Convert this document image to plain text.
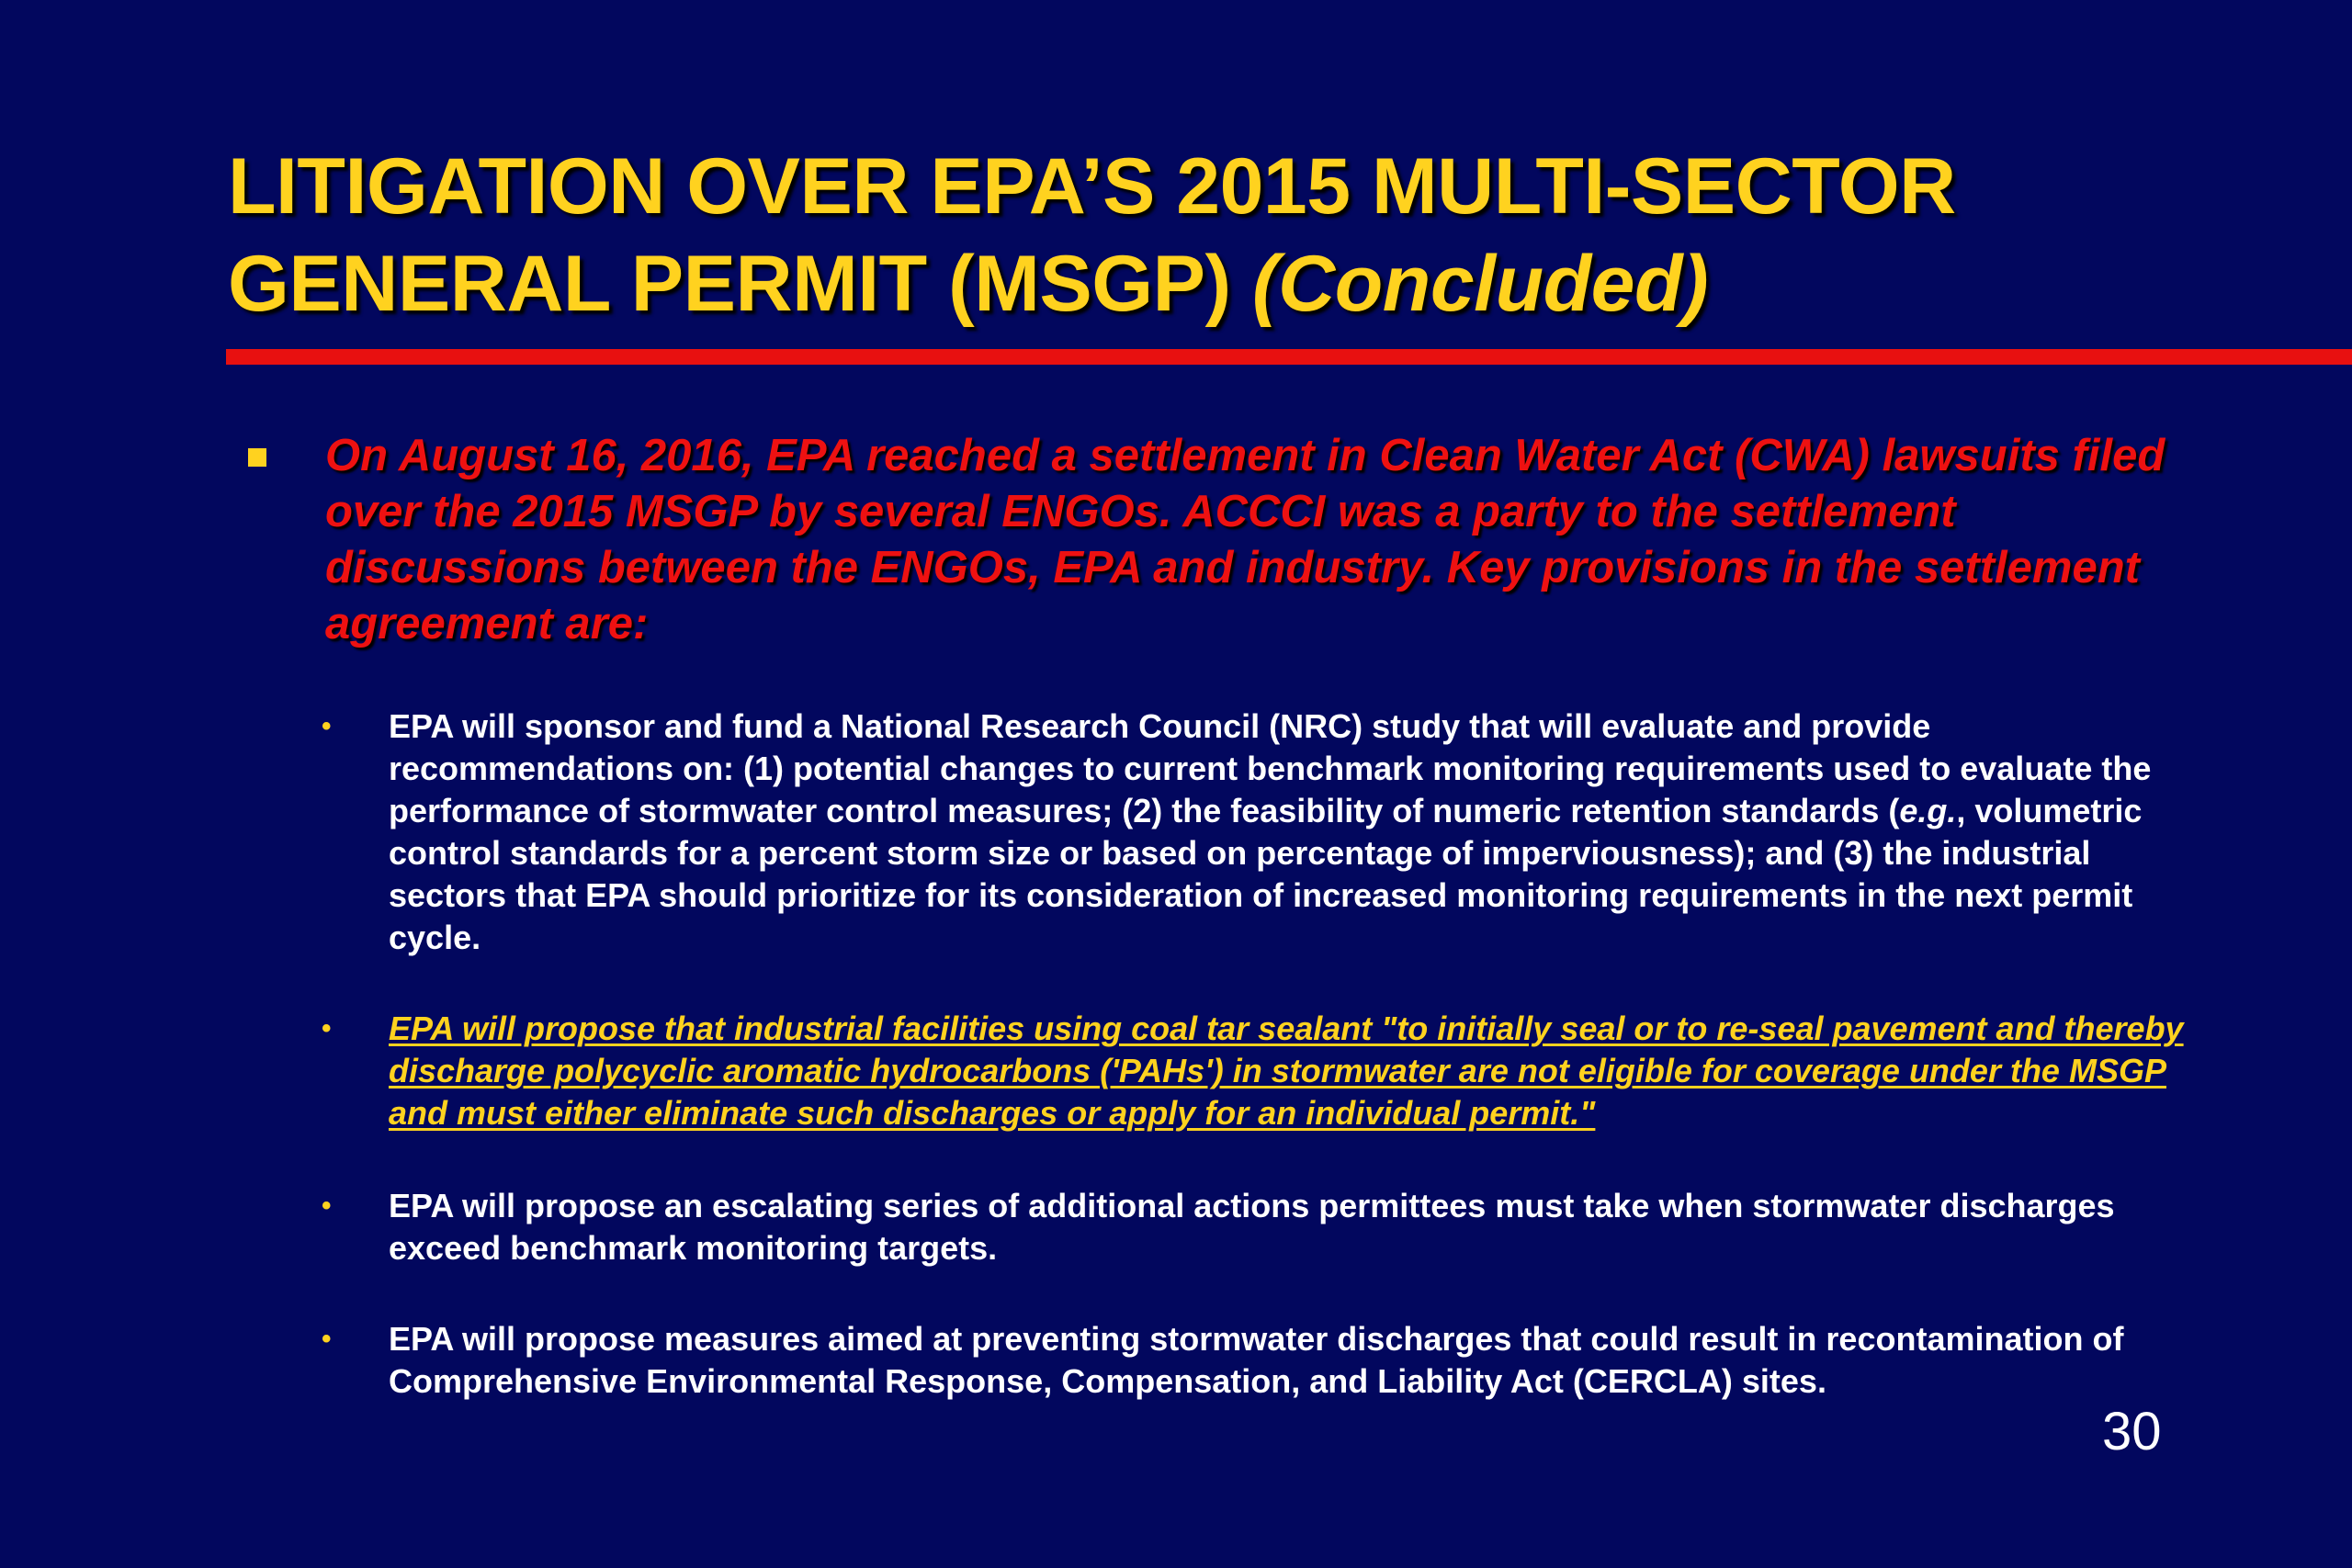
LITIGATION OVER EPA’S 2015 MULTI-SECTOR
GENERAL PERMIT (MSGP) (Concluded)
On August 16, 2016, EPA reached a settlement in Clean Water Act (CWA) lawsuits filed over the 2015 MSGP by several ENGOs. ACCCI was a party to the settlement discussions between the ENGOs, EPA and industry. Key provisions in the settlement agreement are:
• EPA will sponsor and fund a National Research Council (NRC) study that will evaluate and provide recommendations on: (1) potential changes to current benchmark monitoring requirements used to evaluate the performance of stormwater control measures; (2) the feasibility of numeric retention standards (e.g., volumetric control standards for a percent storm size or based on percentage of imperviousness); and (3) the industrial sectors that EPA should prioritize for its consideration of increased monitoring requirements in the next permit cycle.
• EPA will propose that industrial facilities using coal tar sealant "to initially seal or to re-seal pavement and thereby discharge polycyclic aromatic hydrocarbons ('PAHs') in stormwater are not eligible for coverage under the MSGP and must either eliminate such discharges or apply for an individual permit."
• EPA will propose an escalating series of additional actions permittees must take when stormwater discharges exceed benchmark monitoring targets.
• EPA will propose measures aimed at preventing stormwater discharges that could result in recontamination of Comprehensive Environmental Response, Compensation, and Liability Act (CERCLA) sites.
30
